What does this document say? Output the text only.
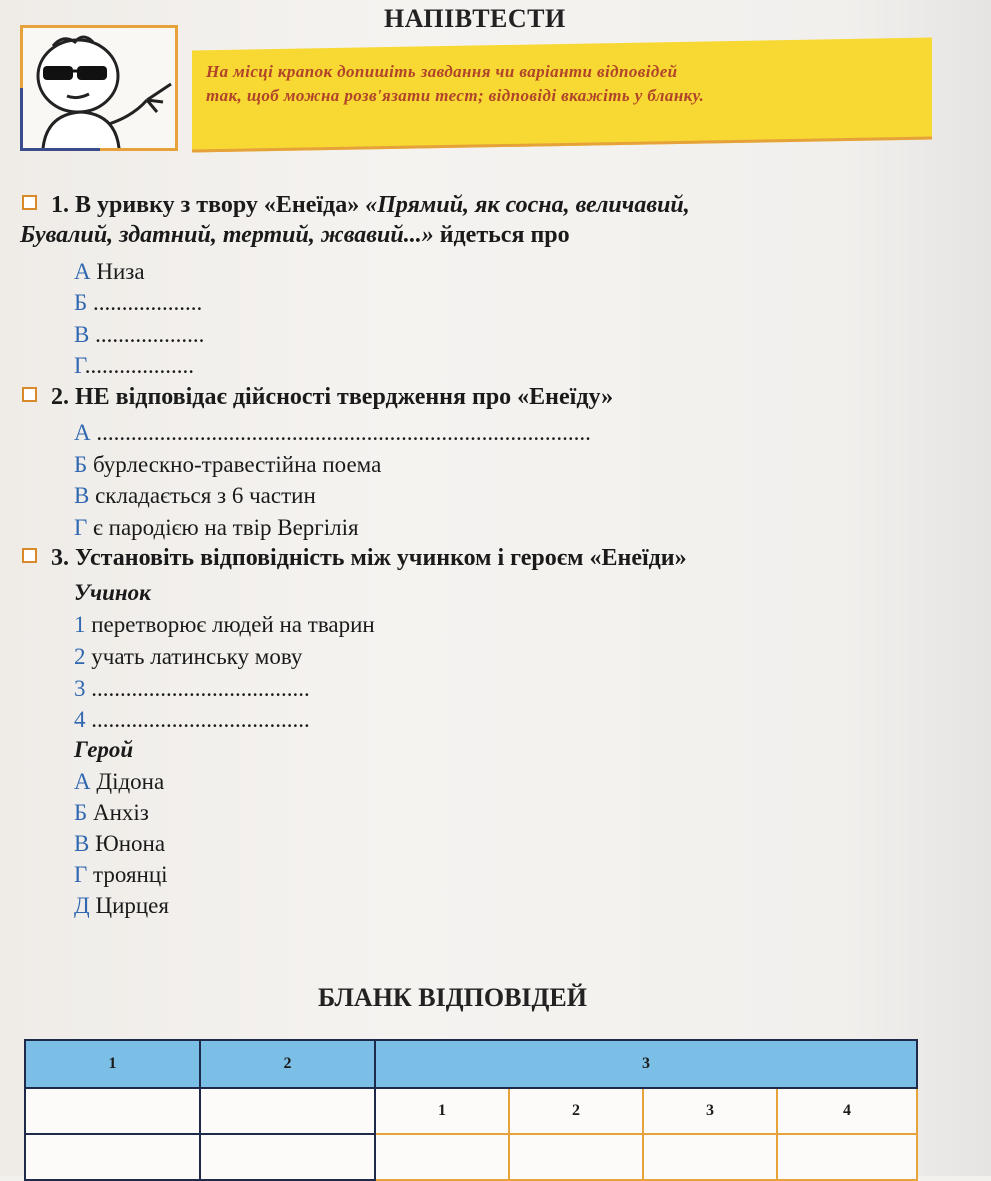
НАПІВТЕСТИ
На місці крапок допишіть завдання чи варіанти відповідей
так, щоб можна розв'язати тест; відповіді вкажіть у бланку.
1. В уривку з твору «Енеїда» «Прямий, як сосна, величавий,
Бувалий, здатний, тертий, жвавий...» йдеться про
А Низа
Б ...................
В ...................
Г...................
2. НЕ відповідає дійсності твердження про «Енеїду»
А ......................................................................................
Б бурлескно-травестійна поема
В складається з 6 частин
Г є пародією на твір Вергілія
3. Установіть відповідність між учинком і героєм «Енеїди»
Учинок
1 перетворює людей на тварин
2 учать латинську мову
3 ......................................
4 ......................................
Герой
А Дідона
Б Анхіз
В Юнона
Г троянці
Д Цирцея
БЛАНК ВІДПОВІДЕЙ
1	2	3			
		1	2	3	4
